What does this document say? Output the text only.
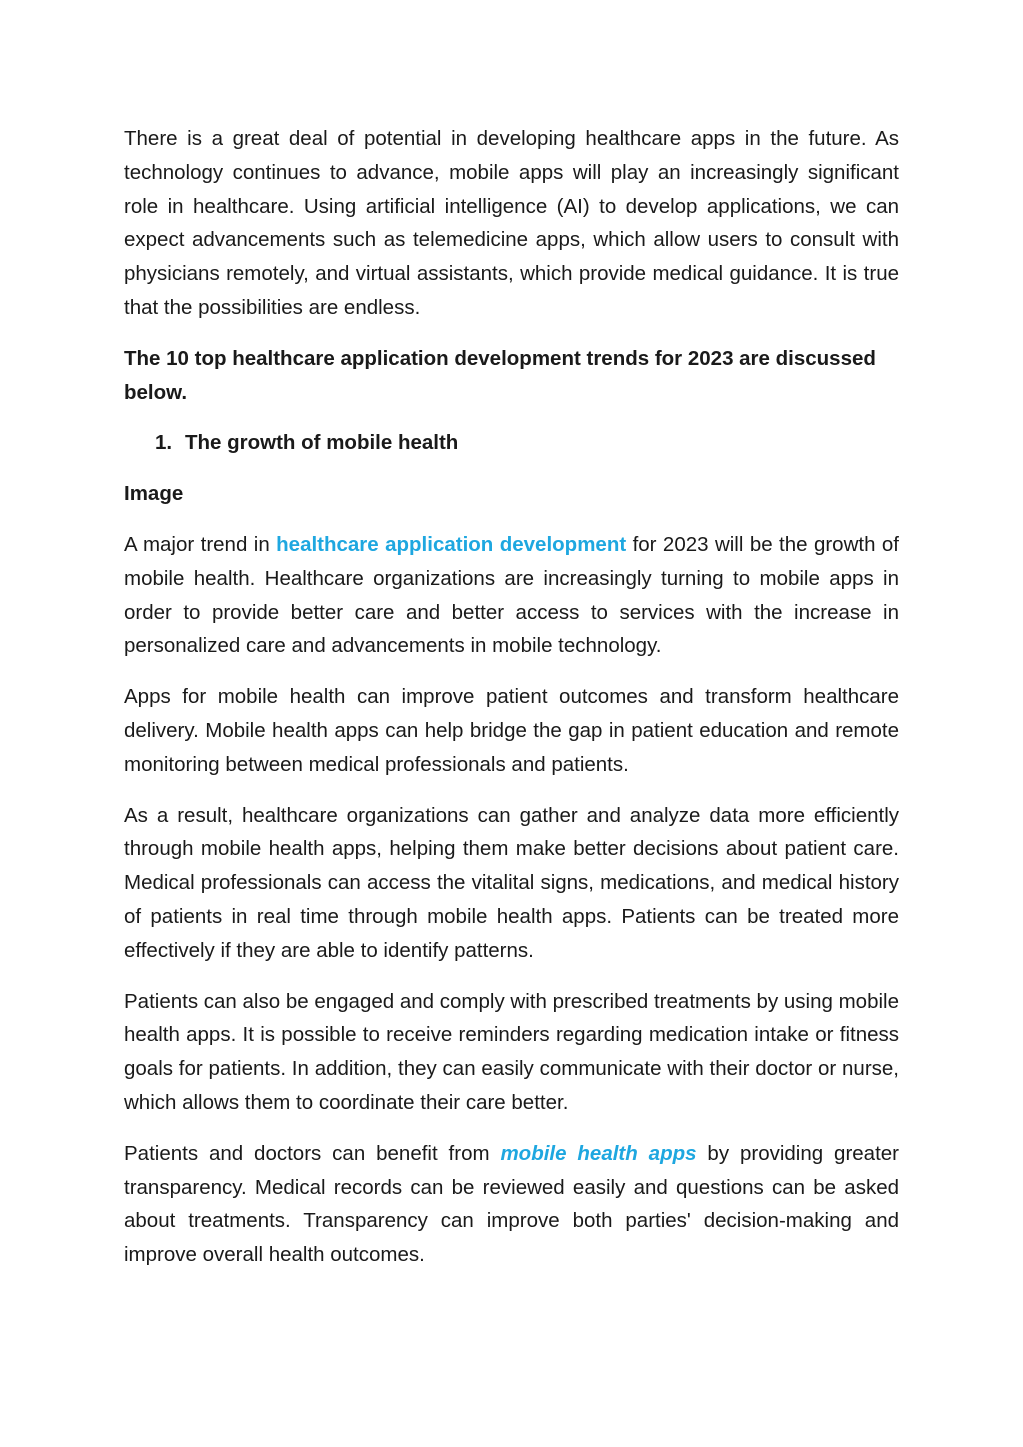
There is a great deal of potential in developing healthcare apps in the future. As technology continues to advance, mobile apps will play an increasingly significant role in healthcare. Using artificial intelligence (AI) to develop applications, we can expect advancements such as telemedicine apps, which allow users to consult with physicians remotely, and virtual assistants, which provide medical guidance. It is true that the possibilities are endless.

The 10 top healthcare application development trends for 2023 are discussed below.

1. The growth of mobile health

Image

A major trend in healthcare application development for 2023 will be the growth of mobile health. Healthcare organizations are increasingly turning to mobile apps in order to provide better care and better access to services with the increase in personalized care and advancements in mobile technology.

Apps for mobile health can improve patient outcomes and transform healthcare delivery. Mobile health apps can help bridge the gap in patient education and remote monitoring between medical professionals and patients.

As a result, healthcare organizations can gather and analyze data more efficiently through mobile health apps, helping them make better decisions about patient care. Medical professionals can access the vitalital signs, medications, and medical history of patients in real time through mobile health apps. Patients can be treated more effectively if they are able to identify patterns.

Patients can also be engaged and comply with prescribed treatments by using mobile health apps. It is possible to receive reminders regarding medication intake or fitness goals for patients. In addition, they can easily communicate with their doctor or nurse, which allows them to coordinate their care better.

Patients and doctors can benefit from mobile health apps by providing greater transparency. Medical records can be reviewed easily and questions can be asked about treatments. Transparency can improve both parties' decision-making and improve overall health outcomes.
